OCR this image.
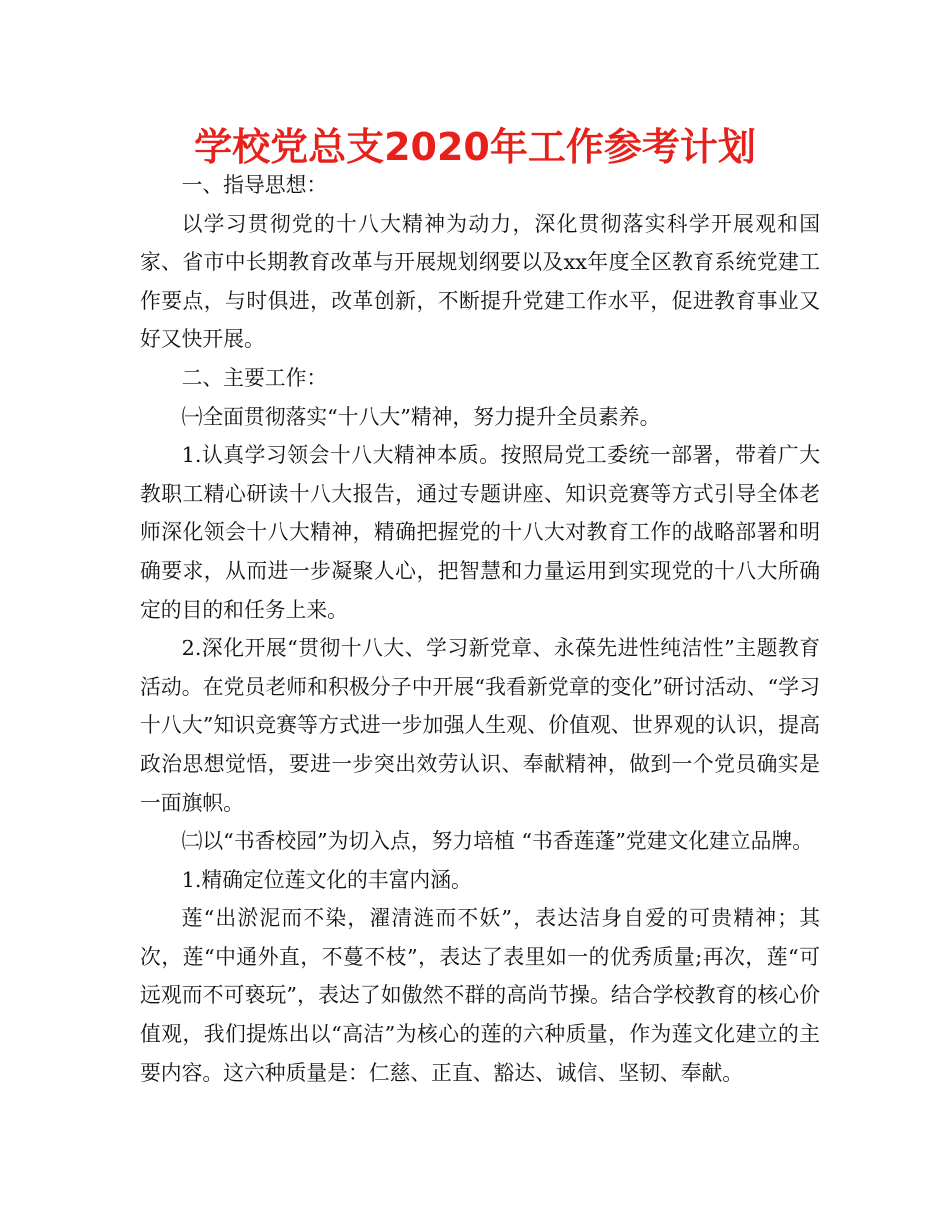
学校党总支2020年工作参考计划

一、指导思想：

以学习贯彻党的十八大精神为动力，深化贯彻落实科学开展观和国家、省市中长期教育改革与开展规划纲要以及xx年度全区教育系统党建工作要点，与时俱进，改革创新，不断提升党建工作水平，促进教育事业又好又快开展。

二、主要工作：

㈠全面贯彻落实“十八大”精神，努力提升全员素养。

1.认真学习领会十八大精神本质。按照局党工委统一部署，带着广大教职工精心研读十八大报告，通过专题讲座、知识竞赛等方式引导全体老师深化领会十八大精神，精确把握党的十八大对教育工作的战略部署和明确要求，从而进一步凝聚人心，把智慧和力量运用到实现党的十八大所确定的目的和任务上来。

2.深化开展“贯彻十八大、学习新党章、永葆先进性纯洁性”主题教育活动。在党员老师和积极分子中开展“我看新党章的变化”研讨活动、“学习十八大”知识竞赛等方式进一步加强人生观、价值观、世界观的认识，提高政治思想觉悟，要进一步突出效劳认识、奉献精神，做到一个党员确实是一面旗帜。

㈡以“书香校园”为切入点，努力培植 “书香莲蓬”党建文化建立品牌。

1.精确定位莲文化的丰富内涵。

莲“出淤泥而不染，濯清涟而不妖”，表达洁身自爱的可贵精神；其次，莲“中通外直，不蔓不枝”，表达了表里如一的优秀质量;再次，莲“可远观而不可亵玩”，表达了如傲然不群的高尚节操。结合学校教育的核心价值观，我们提炼出以“高洁”为核心的莲的六种质量，作为莲文化建立的主要内容。这六种质量是：仁慈、正直、豁达、诚信、坚韧、奉献。
